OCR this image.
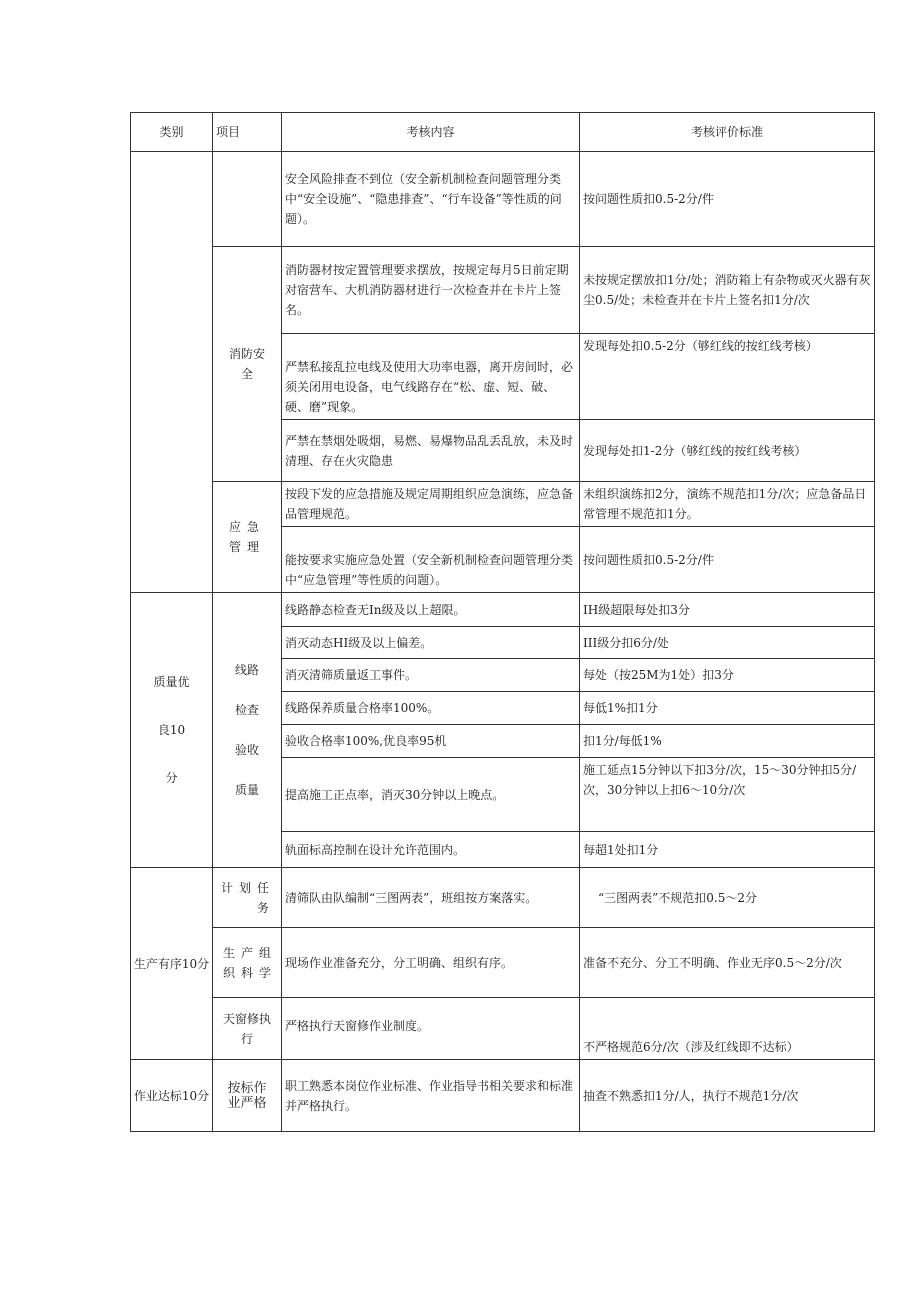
类别	项目	考核内容	考核评价标准
		安全风险排查不到位（安全新机制检查问题管理分类中“安全设施”、“隐患排查”、“行车设备”等性质的问题）。	按问题性质扣0.5-2分/件
	消防安全	消防器材按定置管理要求摆放，按规定每月5日前定期对宿营车、大机消防器材进行一次检查并在卡片上签名。	未按规定摆放扣1分/处；消防箱上有杂物或灭火器有灰尘0.5/处；未检查并在卡片上签名扣1分/次
		严禁私接乱拉电线及使用大功率电器，离开房间时，必须关闭用电设备，电气线路存在“松、虚、短、破、硬、磨”现象。	发现每处扣0.5-2分（够红线的按红线考核）
		严禁在禁烟处吸烟，易燃、易爆物品乱丢乱放，未及时清理、存在火灾隐患	发现每处扣1-2分（够红线的按红线考核）
	应急管理	按段下发的应急措施及规定周期组织应急演练，应急备品管理规范。	未组织演练扣2分，演练不规范扣1分/次；应急备品日常管理不规范扣1分。
		能按要求实施应急处置（安全新机制检查问题管理分类中“应急管理”等性质的问题）。	按问题性质扣0.5-2分/件
质量优良10分	线路检查验收质量	线路静态检查无In级及以上超限。	IH级超限每处扣3分
		消灭动态HI级及以上偏差。	III级分扣6分/处
		消灭清筛质量返工事件。	每处（按25M为1处）扣3分
		线路保养质量合格率100%。	每低1%扣1分
		验收合格率100%,优良率95机	扣1分/每低1%
		提高施工正点率，消灭30分钟以上晚点。	施工延点15分钟以下扣3分/次，15～30分钟扣5分/次，30分钟以上扣6～10分/次
		轨面标高控制在设计允许范围内。	每超1处扣1分
生产有序10分	计划任务	清筛队由队编制“三图两表”，班组按方案落实。	“三图两表”不规范扣0.5～2分
	生产组织科学	现场作业准备充分，分工明确、组织有序。	准备不充分、分工不明确、作业无序0.5～2分/次
	天窗修执行	严格执行天窗修作业制度。	不严格规范6分/次（涉及红线即不达标）
作业达标10分	按标作业严格	职工熟悉本岗位作业标准、作业指导书相关要求和标准并严格执行。	抽查不熟悉扣1分/人，执行不规范1分/次
